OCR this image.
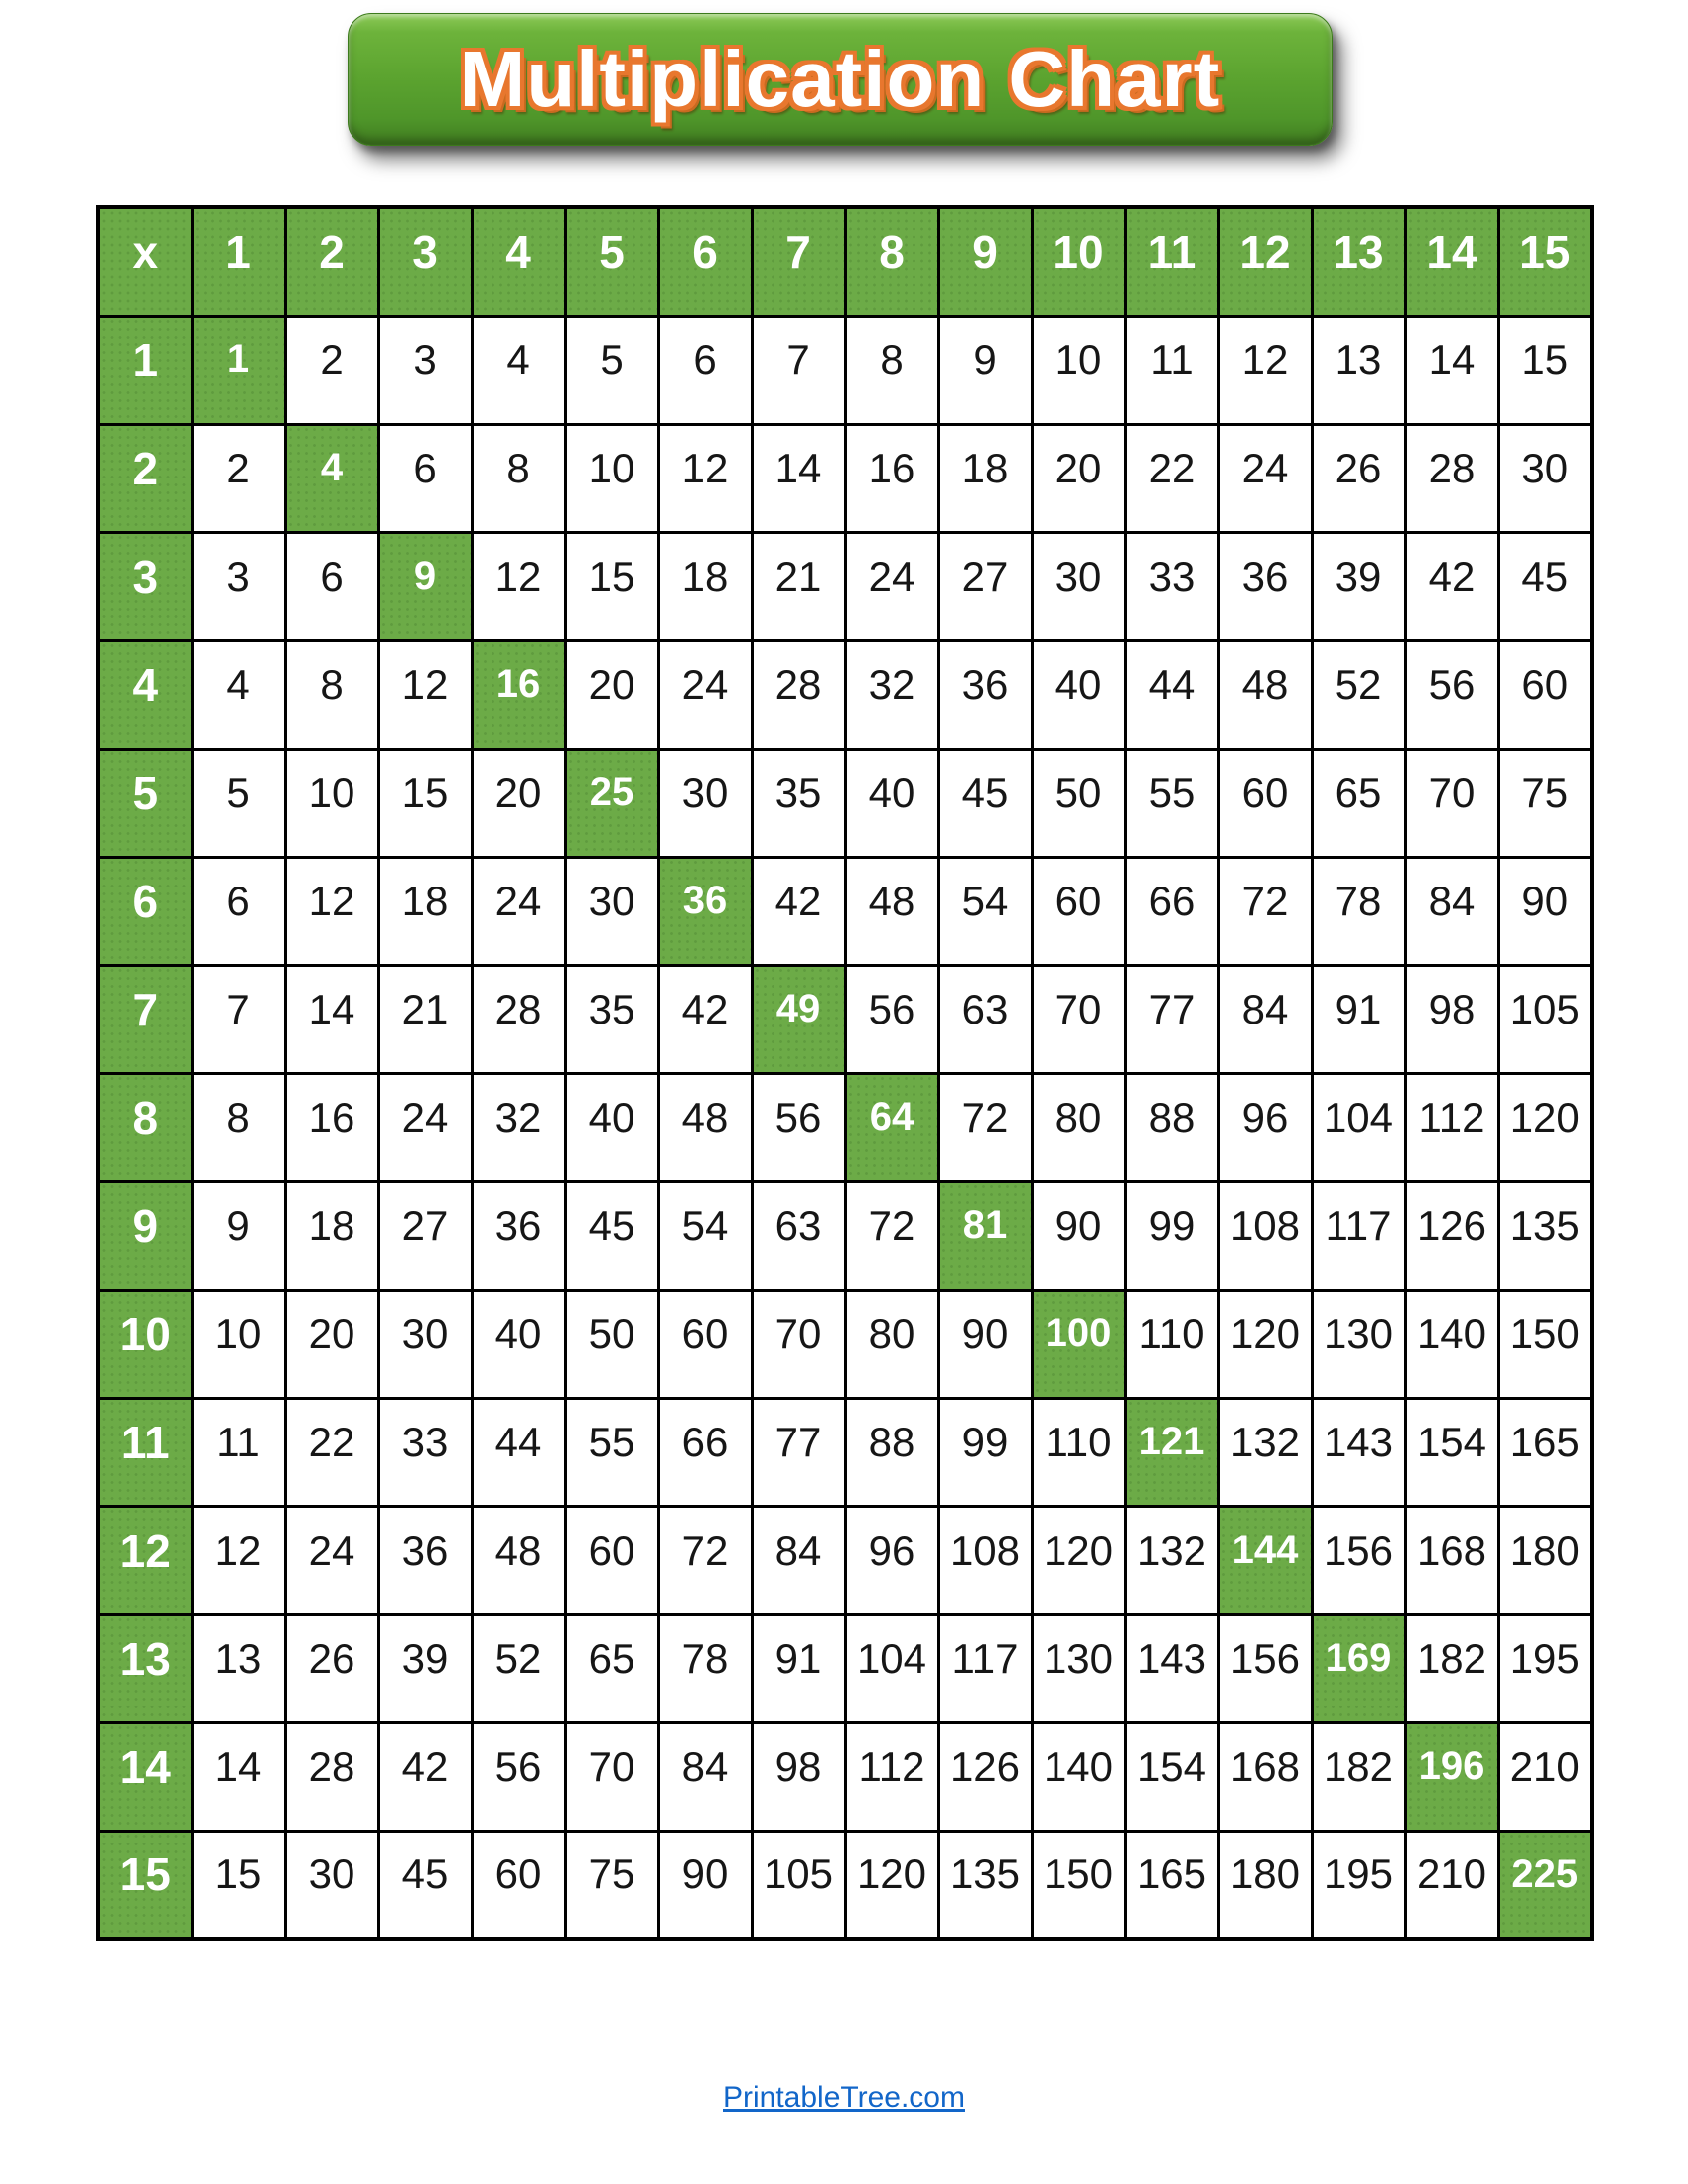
Multiplication Chart
x	1	2	3	4	5	6	7	8	9	10	11	12	13	14	15
1	1	2	3	4	5	6	7	8	9	10	11	12	13	14	15
2	2	4	6	8	10	12	14	16	18	20	22	24	26	28	30
3	3	6	9	12	15	18	21	24	27	30	33	36	39	42	45
4	4	8	12	16	20	24	28	32	36	40	44	48	52	56	60
5	5	10	15	20	25	30	35	40	45	50	55	60	65	70	75
6	6	12	18	24	30	36	42	48	54	60	66	72	78	84	90
7	7	14	21	28	35	42	49	56	63	70	77	84	91	98	105
8	8	16	24	32	40	48	56	64	72	80	88	96	104	112	120
9	9	18	27	36	45	54	63	72	81	90	99	108	117	126	135
10	10	20	30	40	50	60	70	80	90	100	110	120	130	140	150
11	11	22	33	44	55	66	77	88	99	110	121	132	143	154	165
12	12	24	36	48	60	72	84	96	108	120	132	144	156	168	180
13	13	26	39	52	65	78	91	104	117	130	143	156	169	182	195
14	14	28	42	56	70	84	98	112	126	140	154	168	182	196	210
15	15	30	45	60	75	90	105	120	135	150	165	180	195	210	225
PrintableTree.com
